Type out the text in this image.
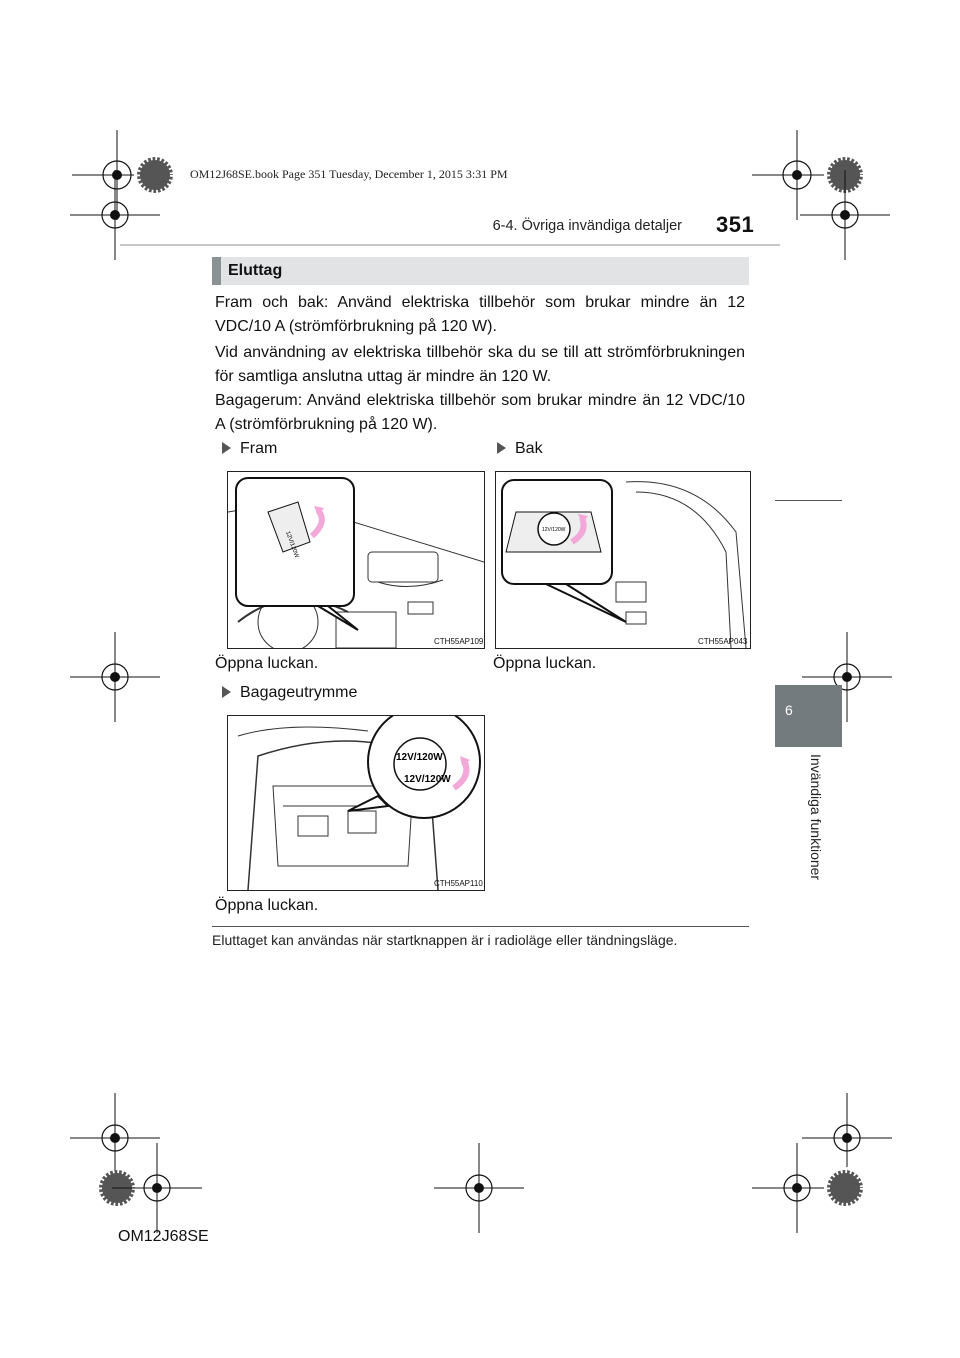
OM12J68SE.book Page 351 Tuesday, December 1, 2015 3:31 PM
6-4. Övriga invändiga detaljer 351
Eluttag
Fram och bak: Använd elektriska tillbehör som brukar mindre än 12 VDC/10 A (strömförbrukning på 120 W).
Vid användning av elektriska tillbehör ska du se till att strömförbrukningen för samtliga anslutna uttag är mindre än 120 W.
Bagagerum: Använd elektriska tillbehör som brukar mindre än 12 VDC/10 A (strömförbrukning på 120 W).
Fram	Bak
12V/120W
CTH55AP109
12V/120W
CTH55AP043
Öppna luckan.	Öppna luckan.
Bagageutrymme
12V/120W
12V/120W
CTH55AP110
Öppna luckan.
Eluttaget kan användas när startknappen är i radioläge eller tändningsläge.
6
Invändiga funktioner
OM12J68SE
